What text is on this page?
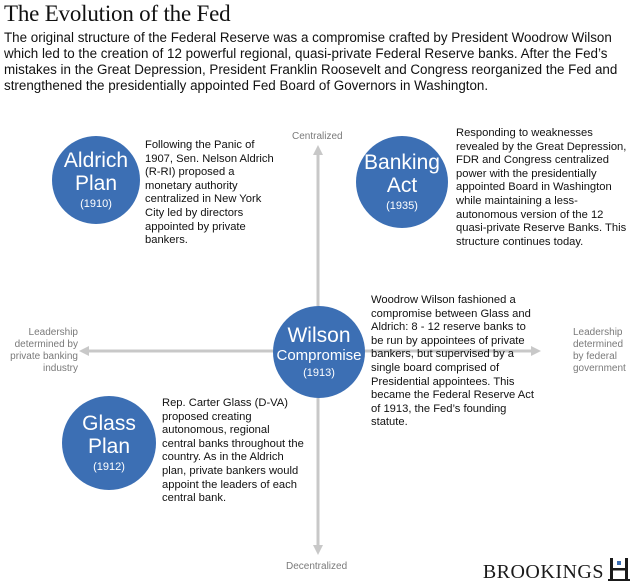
The Evolution of the Fed

The original structure of the Federal Reserve was a compromise crafted by President Woodrow Wilson which led to the creation of 12 powerful regional, quasi-private Federal Reserve banks. After the Fed’s mistakes in the Great Depression, President Franklin Roosevelt and Congress reorganized the Fed and strengthened the presidentially appointed Fed Board of Governors in Washington.

Centralized
Decentralized
Leadership determined by private banking industry
Leadership determined by federal government
Aldrich
Plan
(1910)

Following the Panic of 1907, Sen. Nelson Aldrich (R-RI) proposed a monetary authority centralized in New York City led by directors appointed by private bankers.

Banking
Act
(1935)

Responding to weaknesses revealed by the Great Depression, FDR and Congress centralized power with the presidentially appointed Board in Washington while maintaining a less-autonomous version of the 12 quasi-private Reserve Banks. This structure continues today.

Wilson
Compromise
(1913)

Woodrow Wilson fashioned a compromise between Glass and Aldrich: 8 - 12 reserve banks to be run by appointees of private bankers, but supervised by a single board comprised of Presidential appointees. This became the Federal Reserve Act of 1913, the Fed’s founding statute.

Glass
Plan
(1912)

Rep. Carter Glass (D-VA) proposed creating autonomous, regional central banks throughout the country. As in the Aldrich plan, private bankers would appoint the leaders of each central bank.

BROOKINGS
